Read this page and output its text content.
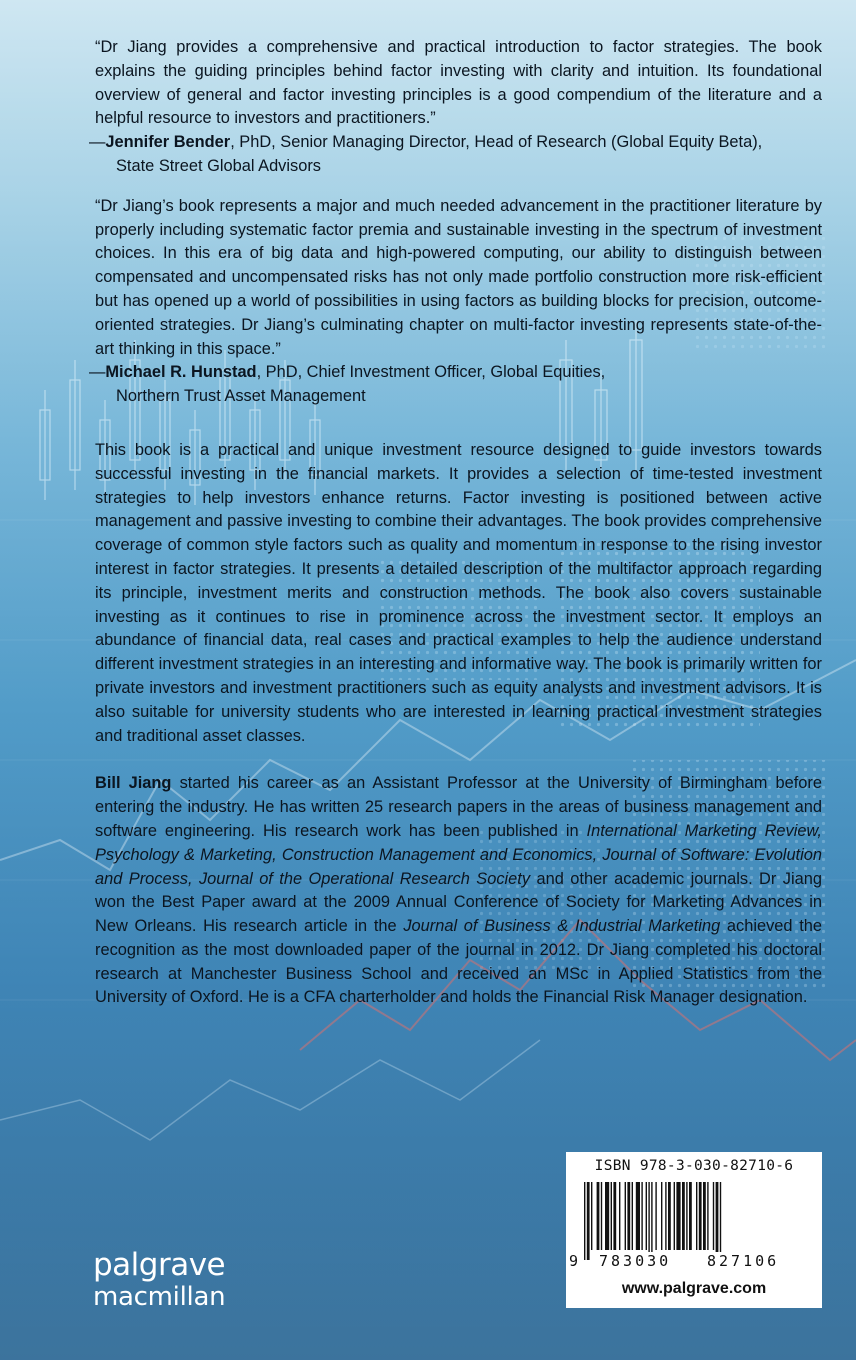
“Dr Jiang provides a comprehensive and practical introduction to factor strategies. The book explains the guiding principles behind factor investing with clarity and intuition. Its foundational overview of general and factor investing principles is a good compendium of the literature and a helpful resource to investors and practitioners.”

—Jennifer Bender, PhD, Senior Managing Director, Head of Research (Global Equity Beta),

State Street Global Advisors

“Dr Jiang’s book represents a major and much needed advancement in the practitioner literature by properly including systematic factor premia and sustainable investing in the spectrum of investment choices. In this era of big data and high-powered computing, our ability to distinguish between compensated and uncompensated risks has not only made portfolio construction more risk-efficient but has opened up a world of possibilities in using factors as building blocks for precision, outcome-oriented strategies. Dr Jiang’s culminating chapter on multi-factor investing represents state-of-the-art thinking in this space.”

—Michael R. Hunstad, PhD, Chief Investment Officer, Global Equities,

Northern Trust Asset Management

This book is a practical and unique investment resource designed to guide investors towards successful investing in the financial markets. It provides a selection of time-tested investment strategies to help investors enhance returns. Factor investing is positioned between active management and passive investing to combine their advantages. The book provides comprehensive coverage of common style factors such as quality and momentum in response to the rising investor interest in factor strategies. It presents a detailed description of the multifactor approach regarding its principle, investment merits and construction methods. The book also covers sustainable investing as it continues to rise in prominence across the investment sector. It employs an abundance of financial data, real cases and practical examples to help the audience understand different investment strategies in an interesting and informative way. The book is primarily written for private investors and investment practitioners such as equity analysts and investment advisors. It is also suitable for university students who are interested in learning practical investment strategies and traditional asset classes.

Bill Jiang started his career as an Assistant Professor at the University of Birmingham before entering the industry. He has written 25 research papers in the areas of business management and software engineering. His research work has been published in International Marketing Review, Psychology & Marketing, Construction Management and Economics, Journal of Software: Evolution and Process, Journal of the Operational Research Society and other academic journals. Dr Jiang won the Best Paper award at the 2009 Annual Conference of Society for Marketing Advances in New Orleans. His research article in the Journal of Business & Industrial Marketing achieved the recognition as the most downloaded paper of the journal in 2012. Dr Jiang completed his doctoral research at Manchester Business School and received an MSc in Applied Statistics from the University of Oxford. He is a CFA charterholder and holds the Financial Risk Manager designation.

palgrave
macmillan
ISBN 978-3-030-82710-6
9 783030 827106
www.palgrave.com
